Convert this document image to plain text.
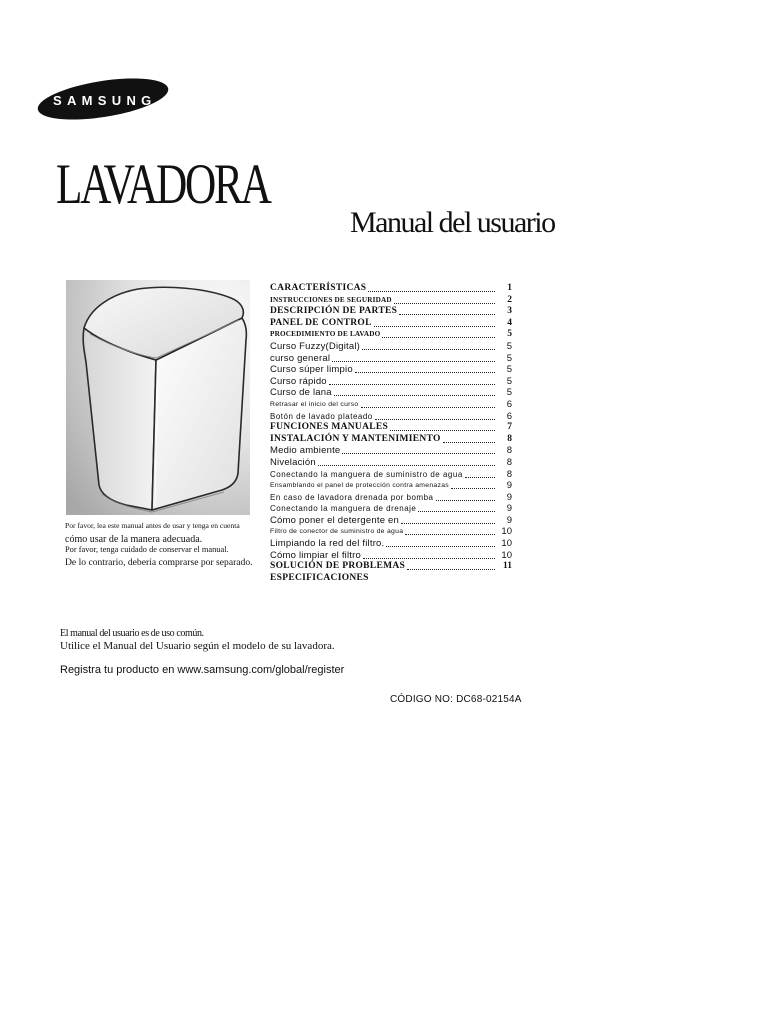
SAMSUNG
LAVADORA
Manual del usuario
Por favor, lea este manual antes de usar y tenga en cuenta
cómo usar de la manera adecuada.
Por favor, tenga cuidado de conservar el manual.
De lo contrario, debería comprarse por separado.
CARACTERÍSTICAS	1
INSTRUCCIONES DE SEGURIDAD	2
DESCRIPCIÓN DE PARTES	3
PANEL DE CONTROL	4
PROCEDIMIENTO DE LAVADO	5
Curso Fuzzy(Digital)	5
curso general	5
Curso súper limpio	5
Curso rápido	5
Curso de lana	5
Retrasar el inicio del curso	6
Botón de lavado plateado	6
FUNCIONES MANUALES	7
INSTALACIÓN Y MANTENIMIENTO	8
Medio ambiente	8
Nivelación	8
Conectando la manguera de suministro de agua	8
Ensamblando el panel de protección contra amenazas	9
En caso de lavadora drenada por bomba	9
Conectando la manguera de drenaje	9
Cómo poner el detergente en	9
Filtro de conector de suministro de agua	10
Limpiando la red del filtro.	10
Cómo limpiar el filtro	10
SOLUCIÓN DE PROBLEMAS	11
ESPECIFICACIONES
El manual del usuario es de uso común.
Utilice el Manual del Usuario según el modelo de su lavadora.
Registra tu producto en www.samsung.com/global/register
CÓDIGO NO: DC68-02154A
